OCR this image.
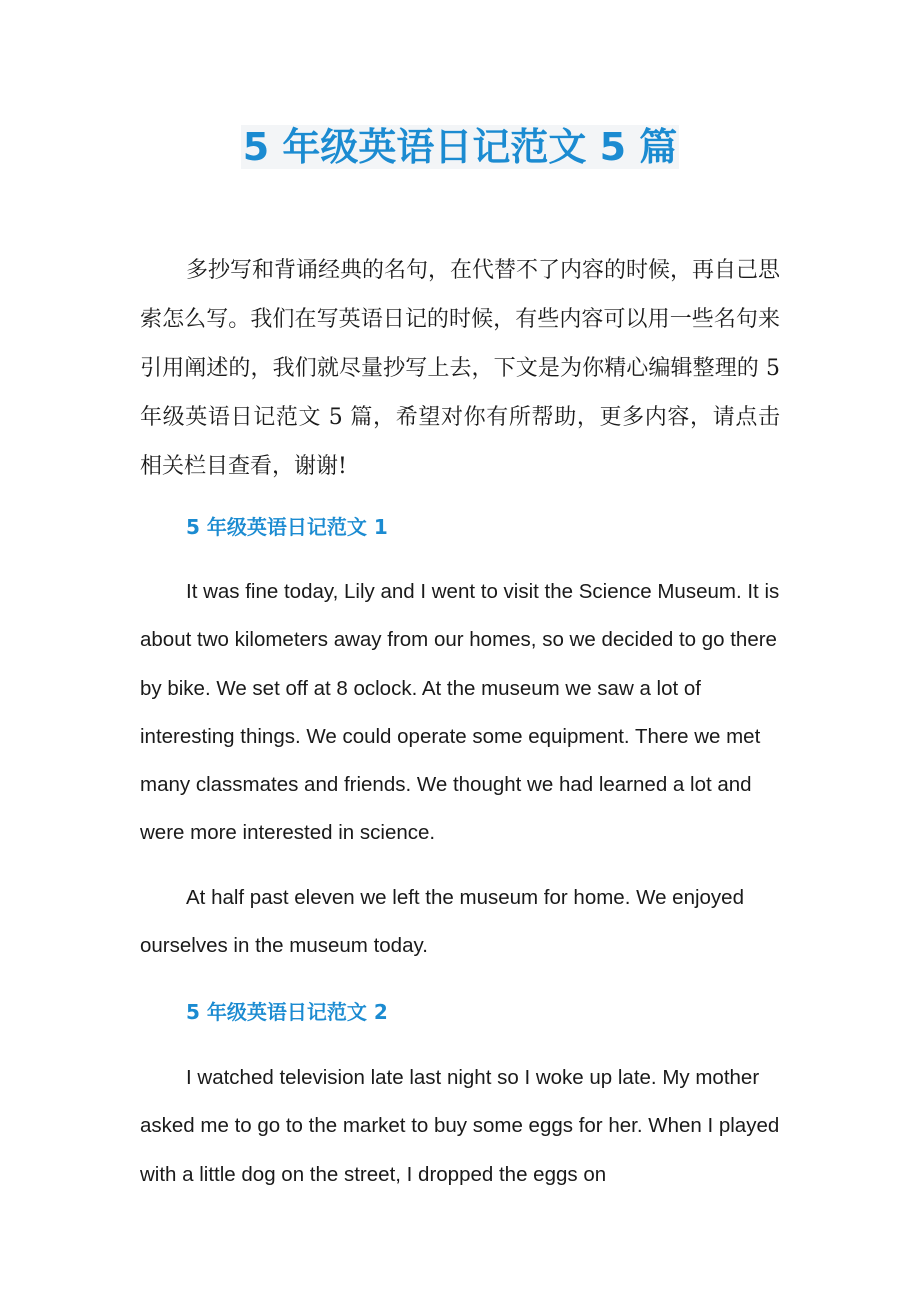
5 年级英语日记范文 5 篇

多抄写和背诵经典的名句，在代替不了内容的时候，再自己思索怎么写。我们在写英语日记的时候，有些内容可以用一些名句来引用阐述的，我们就尽量抄写上去，下文是为你精心编辑整理的 5 年级英语日记范文 5 篇，希望对你有所帮助，更多内容，请点击相关栏目查看，谢谢!

5 年级英语日记范文 1

It was fine today, Lily and I went to visit the Science Museum. It is about two kilometers away from our homes, so we decided to go there by bike. We set off at 8 oclock. At the museum we saw a lot of interesting things. We could operate some equipment. There we met many classmates and friends. We thought we had learned a lot and were more interested in science.

At half past eleven we left the museum for home. We enjoyed ourselves in the museum today.

5 年级英语日记范文 2

I watched television late last night so I woke up late. My mother asked me to go to the market to buy some eggs for her. When I played with a little dog on the street, I dropped the eggs on
